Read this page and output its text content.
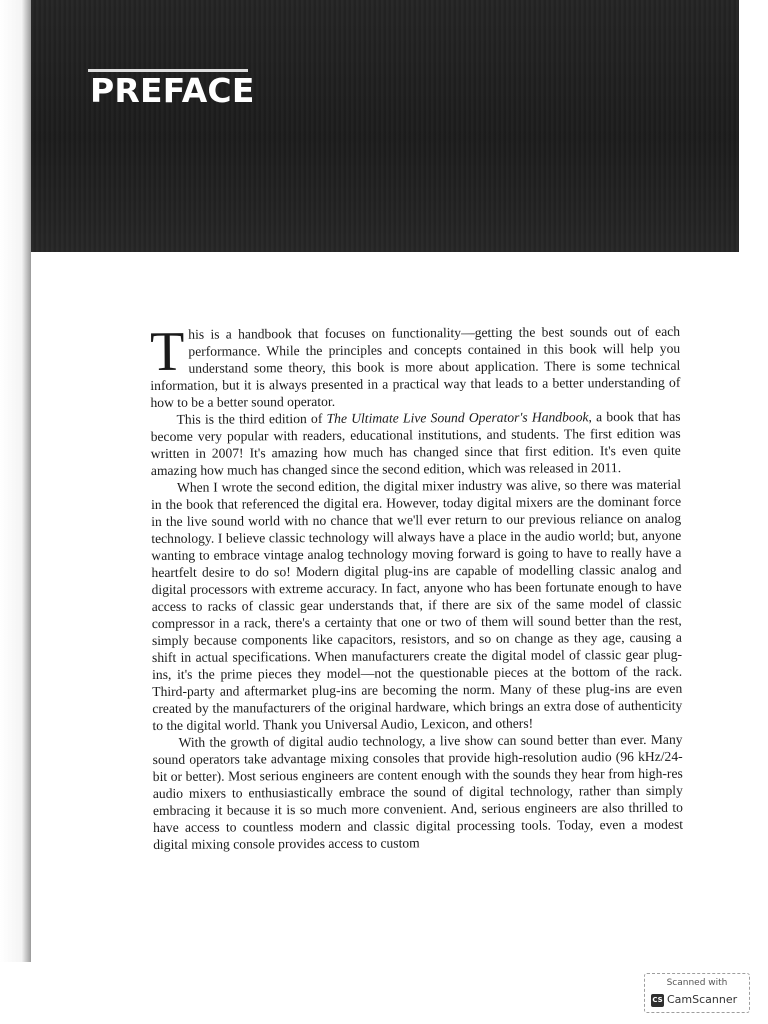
PREFACE

This is a handbook that focuses on functionality—getting the best sounds out of each performance. While the principles and concepts contained in this book will help you understand some theory, this book is more about application. There is some technical information, but it is always presented in a practical way that leads to a better understanding of how to be a better sound operator.

This is the third edition of The Ultimate Live Sound Operator's Handbook, a book that has become very popular with readers, educational institutions, and students. The first edition was written in 2007! It's amazing how much has changed since that first edition. It's even quite amazing how much has changed since the second edition, which was released in 2011.

When I wrote the second edition, the digital mixer industry was alive, so there was material in the book that referenced the digital era. However, today digital mixers are the dominant force in the live sound world with no chance that we'll ever return to our previous reliance on analog technology. I believe classic technology will always have a place in the audio world; but, anyone wanting to embrace vintage analog technology moving forward is going to have to really have a heartfelt desire to do so! Modern digital plug-ins are capable of modelling classic analog and digital processors with extreme accuracy. In fact, anyone who has been fortunate enough to have access to racks of classic gear understands that, if there are six of the same model of classic compressor in a rack, there's a certainty that one or two of them will sound better than the rest, simply because components like capacitors, resistors, and so on change as they age, causing a shift in actual specifications. When manufacturers create the digital model of classic gear plug-ins, it's the prime pieces they model—not the questionable pieces at the bottom of the rack. Third-party and aftermarket plug-ins are becoming the norm. Many of these plug-ins are even created by the manufacturers of the original hardware, which brings an extra dose of authenticity to the digital world. Thank you Universal Audio, Lexicon, and others!

With the growth of digital audio technology, a live show can sound better than ever. Many sound operators take advantage mixing consoles that provide high-resolution audio (96 kHz/24-bit or better). Most serious engineers are content enough with the sounds they hear from high-res audio mixers to enthusiastically embrace the sound of digital technology, rather than simply embracing it because it is so much more convenient. And, serious engineers are also thrilled to have access to countless modern and classic digital processing tools. Today, even a modest digital mixing console provides access to custom

Scanned with
CS CamScanner
